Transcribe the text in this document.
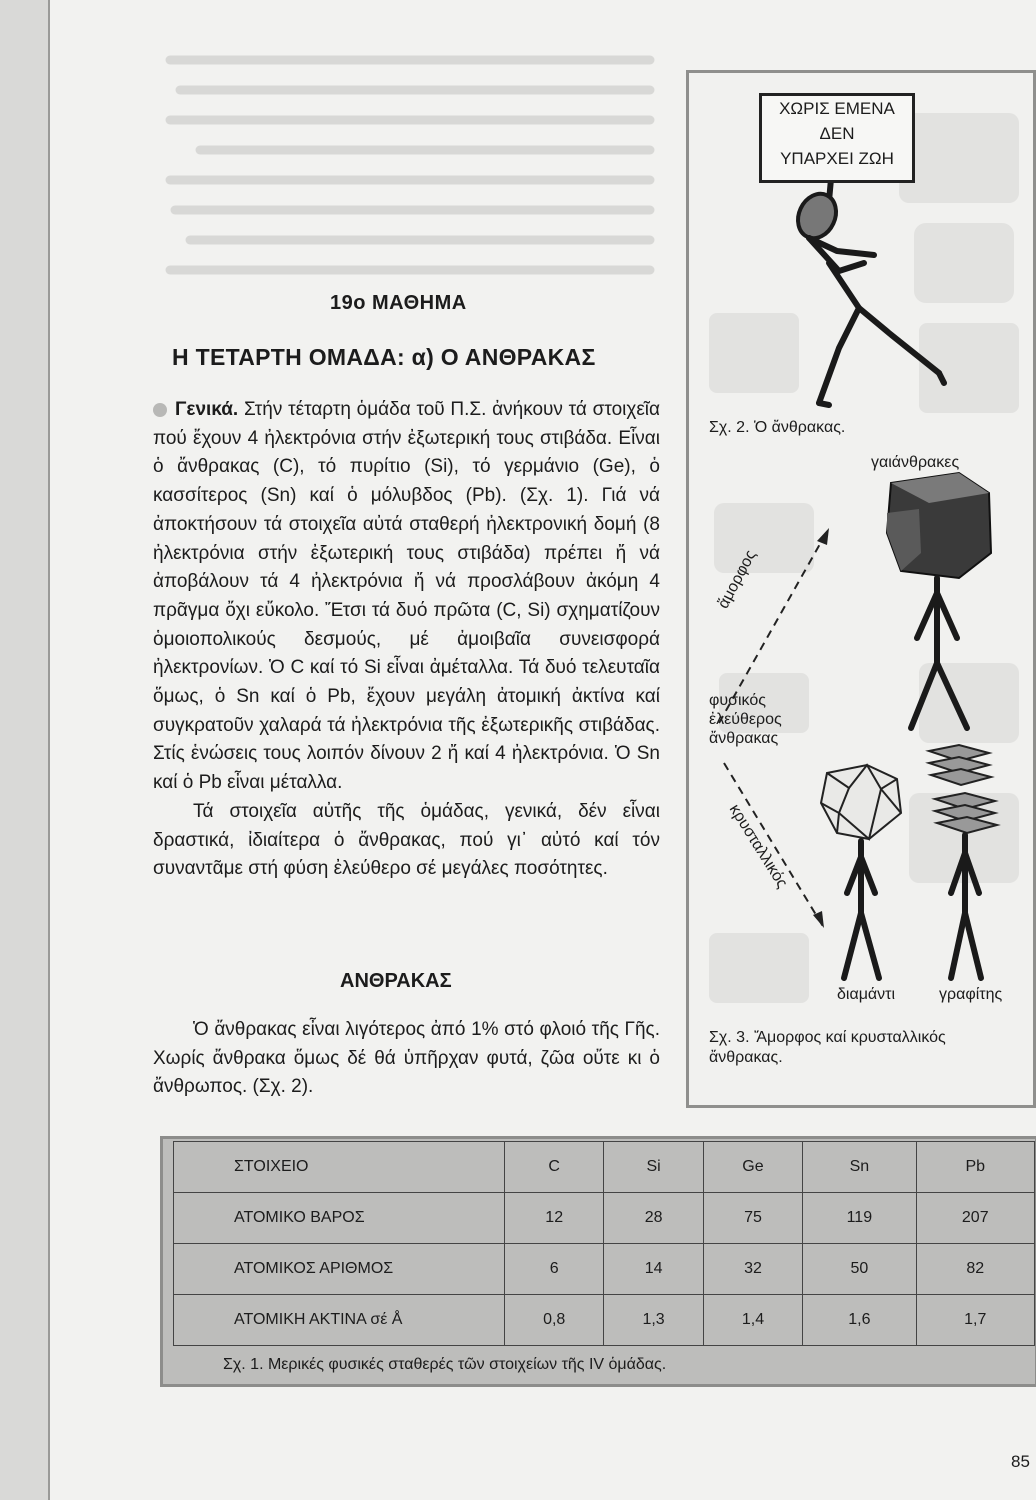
19ο ΜΑΘΗΜΑ
Η ΤΕΤΑΡΤΗ ΟΜΑΔΑ: α) Ο ΑΝΘΡΑΚΑΣ

Γενικά. Στήν τέταρτη ὁμάδα τοῦ Π.Σ. ἀνήκουν τά στοιχεῖα πού ἔχουν 4 ἠλεκτρόνια στήν ἐξωτερική τους στιβάδα. Εἶναι ὁ ἄνθρακας (C), τό πυρίτιο (Si), τό γερμάνιο (Ge), ὁ κασσίτερος (Sn) καί ὁ μόλυβδος (Pb). (Σχ. 1). Γιά νά ἀποκτήσουν τά στοιχεῖα αὐτά σταθερή ἠλεκτρονική δομή (8 ἠλεκτρόνια στήν ἐξωτερική τους στιβάδα) πρέπει ἤ νά ἀποβάλουν τά 4 ἠλεκτρόνια ἤ νά προσλάβουν ἀκόμη 4 πρᾶγμα ὄχι εὔκολο. Ἔτσι τά δυό πρῶτα (C, Si) σχηματίζουν ὁμοιοπολικούς δεσμούς, μέ ἀμοιβαῖα συνεισφορά ἠλεκτρονίων. Ὁ C καί τό Si εἶναι ἀμέταλλα. Τά δυό τελευταῖα ὅμως, ὁ Sn καί ὁ Pb, ἔχουν μεγάλη ἀτομική ἀκτίνα καί συγκρατοῦν χαλαρά τά ἠλεκτρόνια τῆς ἐξωτερικῆς στιβάδας. Στίς ἑνώσεις τους λοιπόν δίνουν 2 ἤ καί 4 ἠλεκτρόνια. Ὁ Sn καί ὁ Pb εἶναι μέταλλα.

Τά στοιχεῖα αὐτῆς τῆς ὁμάδας, γενικά, δέν εἶναι δραστικά, ἰδιαίτερα ὁ ἄνθρακας, πού γι᾿ αὐτό καί τόν συναντᾶμε στή φύση ἐλεύθερο σέ μεγάλες ποσότητες.

ΑΝΘΡΑΚΑΣ

Ὁ ἄνθρακας εἶναι λιγότερος ἀπό 1% στό φλοιό τῆς Γῆς. Χωρίς ἄνθρακα ὅμως δέ θά ὑπῆρχαν φυτά, ζῶα οὔτε κι ὁ ἄνθρωπος. (Σχ. 2).

ΧΩΡΙΣ ΕΜΕΝΑ
ΔΕΝ
ΥΠΑΡΧΕΙ ΖΩΗ
Σχ. 2. Ὁ ἄνθρακας.
γαιάνθρακες
ἄμορφος
φυσικός
ἐλεύθερος
ἄνθρακας
κρυσταλλικός
διαμάντι	γραφίτης
Σχ. 3. Ἄμορφος καί κρυσταλλικός
ἄνθρακας.
ΣΤΟΙΧΕΙΟ	C	Si	Ge	Sn	Pb
ΑΤΟΜΙΚΟ ΒΑΡΟΣ	12	28	75	119	207
ΑΤΟΜΙΚΟΣ ΑΡΙΘΜΟΣ	6	14	32	50	82
ΑΤΟΜΙΚΗ ΑΚΤΙΝΑ σέ Å	0,8	1,3	1,4	1,6	1,7
Σχ. 1. Μερικές φυσικές σταθερές τῶν στοιχείων τῆς IV ὁμάδας.
85
